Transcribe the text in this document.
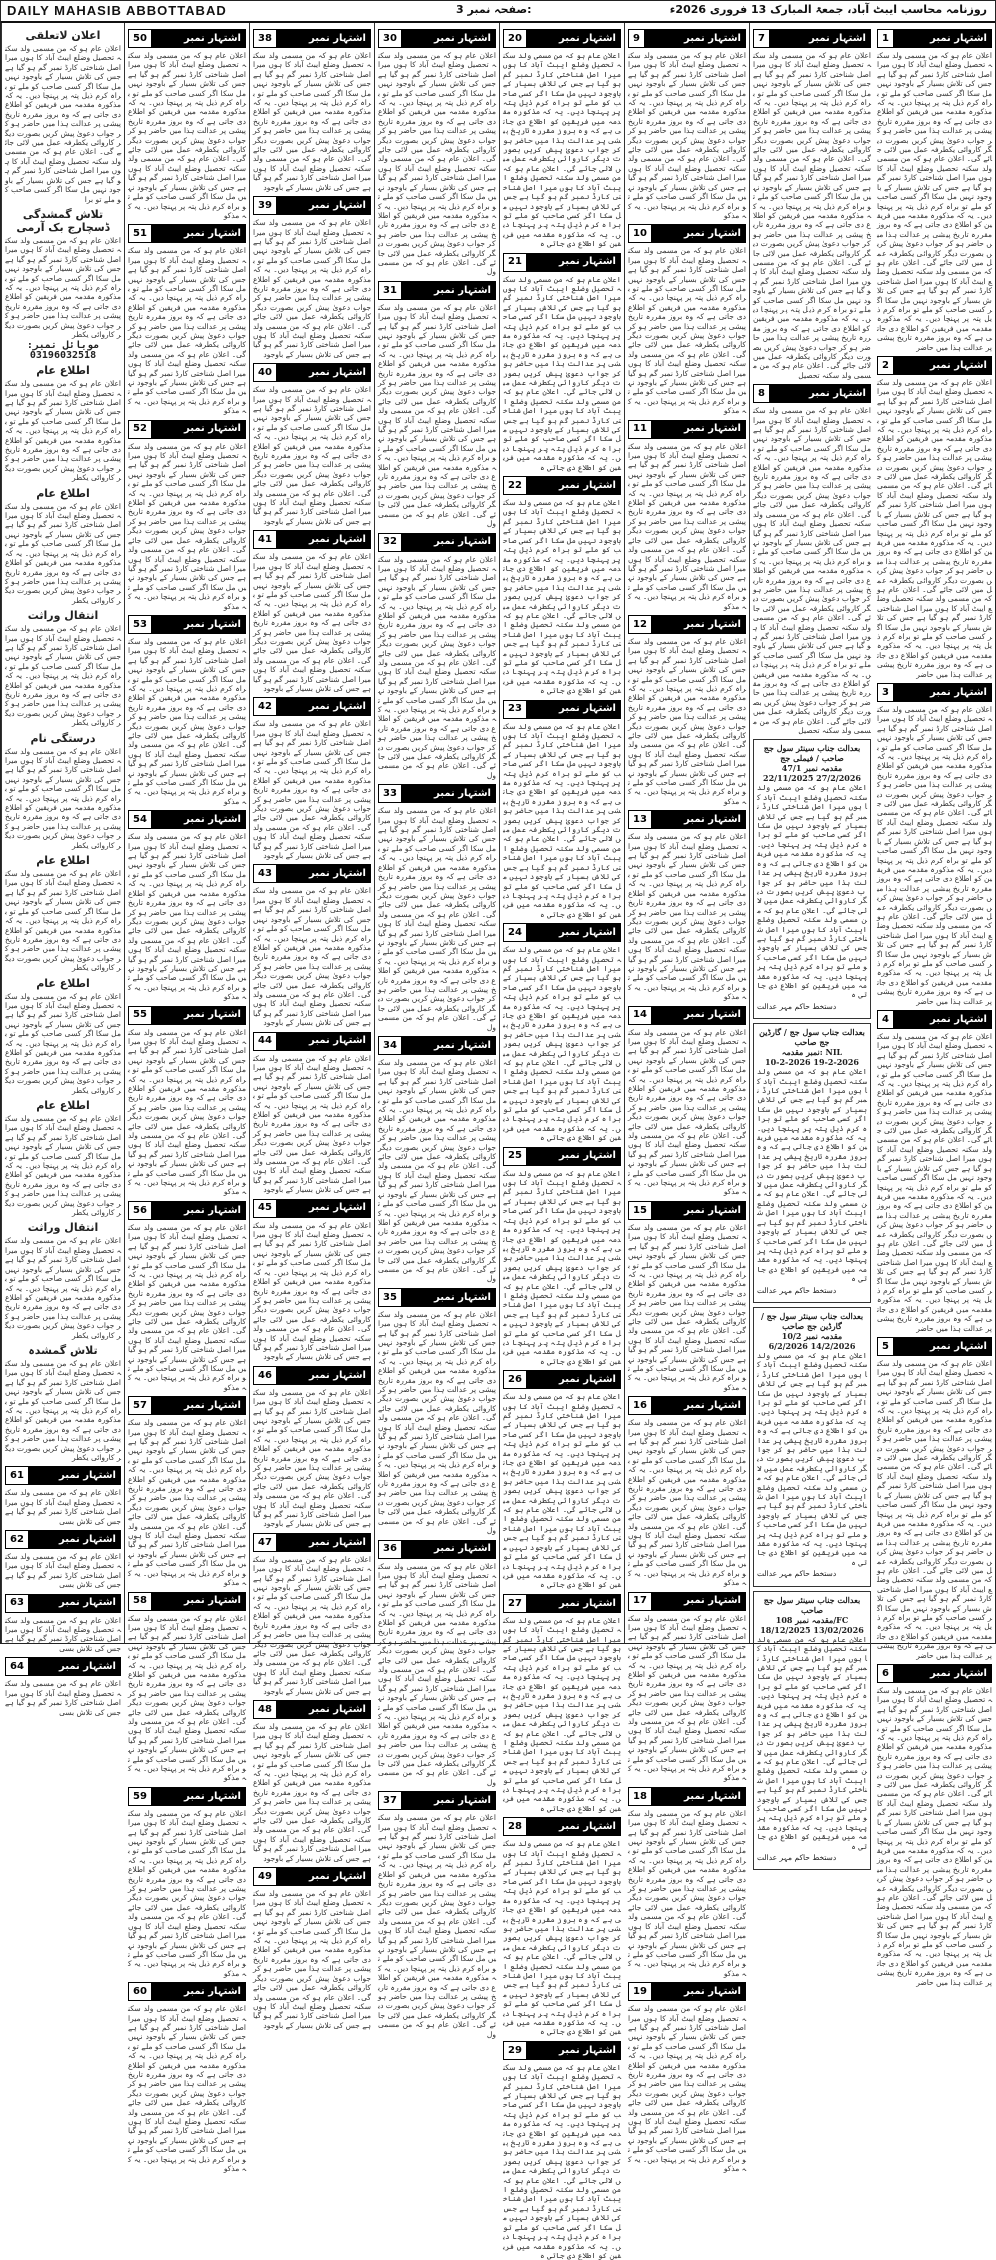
DAILY MAHASIB ABBOTTABAD	صفحہ نمبر 3:	روزنامہ محاسب ایبٹ آباد، جمعۃ المبارک 13 فروری 2026ء
1	اشتہار نمبر
اعلان عام ہو کہ من مسمی ولد سکنہ تحصیل وضلع ایبٹ آباد کا ہوں میرا اصل شناختی کارڈ نمبر گم ہو گیا ہے جس کی تلاش بسیار کے باوجود نہیں مل سکا اگر کسی صاحب کو ملے تو براہ کرم ذیل پتہ پر پہنچا دیں۔ یہ کہ مذکورہ مقدمہ میں فریقین کو اطلاع دی جاتی ہے کہ وہ بروز مقررہ تاریخ پیشی پر عدالت ہذا میں حاضر ہو کر جواب دعویٰ پیش کریں بصورت دیگر کاروائی یکطرفہ عمل میں لائی جائے گی۔ اعلان عام ہو کہ من مسمی ولد سکنہ تحصیل وضلع ایبٹ آباد کا ہوں میرا اصل شناختی کارڈ نمبر گم ہو گیا ہے جس کی تلاش بسیار کے باوجود نہیں مل سکا اگر کسی صاحب کو ملے تو براہ کرم ذیل پتہ پر پہنچا دیں۔ یہ کہ مذکورہ مقدمہ میں فریقین کو اطلاع دی جاتی ہے کہ وہ بروز مقررہ تاریخ پیشی پر عدالت ہذا میں حاضر ہو کر جواب دعویٰ پیش کریں بصورت دیگر کاروائی یکطرفہ عمل میں لائی جائے گی۔ اعلان عام ہو کہ من مسمی ولد سکنہ تحصیل وضلع ایبٹ آباد کا ہوں میرا اصل شناختی کارڈ نمبر گم ہو گیا ہے جس کی تلاش بسیار کے باوجود نہیں مل سکا اگر کسی صاحب کو ملے تو براہ کرم ذیل پتہ پر پہنچا دیں۔ یہ کہ مذکورہ مقدمہ میں فریقین کو اطلاع دی جاتی ہے کہ وہ بروز مقررہ تاریخ پیشی پر عدالت ہذا میں حاضر
2	اشتہار نمبر
اعلان عام ہو کہ من مسمی ولد سکنہ تحصیل وضلع ایبٹ آباد کا ہوں میرا اصل شناختی کارڈ نمبر گم ہو گیا ہے جس کی تلاش بسیار کے باوجود نہیں مل سکا اگر کسی صاحب کو ملے تو براہ کرم ذیل پتہ پر پہنچا دیں۔ یہ کہ مذکورہ مقدمہ میں فریقین کو اطلاع دی جاتی ہے کہ وہ بروز مقررہ تاریخ پیشی پر عدالت ہذا میں حاضر ہو کر جواب دعویٰ پیش کریں بصورت دیگر کاروائی یکطرفہ عمل میں لائی جائے گی۔ اعلان عام ہو کہ من مسمی ولد سکنہ تحصیل وضلع ایبٹ آباد کا ہوں میرا اصل شناختی کارڈ نمبر گم ہو گیا ہے جس کی تلاش بسیار کے باوجود نہیں مل سکا اگر کسی صاحب کو ملے تو براہ کرم ذیل پتہ پر پہنچا دیں۔ یہ کہ مذکورہ مقدمہ میں فریقین کو اطلاع دی جاتی ہے کہ وہ بروز مقررہ تاریخ پیشی پر عدالت ہذا میں حاضر ہو کر جواب دعویٰ پیش کریں بصورت دیگر کاروائی یکطرفہ عمل میں لائی جائے گی۔ اعلان عام ہو کہ من مسمی ولد سکنہ تحصیل وضلع ایبٹ آباد کا ہوں میرا اصل شناختی کارڈ نمبر گم ہو گیا ہے جس کی تلاش بسیار کے باوجود نہیں مل سکا اگر کسی صاحب کو ملے تو براہ کرم ذیل پتہ پر پہنچا دیں۔ یہ کہ مذکورہ مقدمہ میں فریقین کو اطلاع دی جاتی ہے کہ وہ بروز مقررہ تاریخ پیشی پر عدالت ہذا میں حاضر
3	اشتہار نمبر
اعلان عام ہو کہ من مسمی ولد سکنہ تحصیل وضلع ایبٹ آباد کا ہوں میرا اصل شناختی کارڈ نمبر گم ہو گیا ہے جس کی تلاش بسیار کے باوجود نہیں مل سکا اگر کسی صاحب کو ملے تو براہ کرم ذیل پتہ پر پہنچا دیں۔ یہ کہ مذکورہ مقدمہ میں فریقین کو اطلاع دی جاتی ہے کہ وہ بروز مقررہ تاریخ پیشی پر عدالت ہذا میں حاضر ہو کر جواب دعویٰ پیش کریں بصورت دیگر کاروائی یکطرفہ عمل میں لائی جائے گی۔ اعلان عام ہو کہ من مسمی ولد سکنہ تحصیل وضلع ایبٹ آباد کا ہوں میرا اصل شناختی کارڈ نمبر گم ہو گیا ہے جس کی تلاش بسیار کے باوجود نہیں مل سکا اگر کسی صاحب کو ملے تو براہ کرم ذیل پتہ پر پہنچا دیں۔ یہ کہ مذکورہ مقدمہ میں فریقین کو اطلاع دی جاتی ہے کہ وہ بروز مقررہ تاریخ پیشی پر عدالت ہذا میں حاضر ہو کر جواب دعویٰ پیش کریں بصورت دیگر کاروائی یکطرفہ عمل میں لائی جائے گی۔ اعلان عام ہو کہ من مسمی ولد سکنہ تحصیل وضلع ایبٹ آباد کا ہوں میرا اصل شناختی کارڈ نمبر گم ہو گیا ہے جس کی تلاش بسیار کے باوجود نہیں مل سکا اگر کسی صاحب کو ملے تو براہ کرم ذیل پتہ پر پہنچا دیں۔ یہ کہ مذکورہ مقدمہ میں فریقین کو اطلاع دی جاتی ہے کہ وہ بروز مقررہ تاریخ پیشی پر عدالت ہذا میں حاضر
4	اشتہار نمبر
اعلان عام ہو کہ من مسمی ولد سکنہ تحصیل وضلع ایبٹ آباد کا ہوں میرا اصل شناختی کارڈ نمبر گم ہو گیا ہے جس کی تلاش بسیار کے باوجود نہیں مل سکا اگر کسی صاحب کو ملے تو براہ کرم ذیل پتہ پر پہنچا دیں۔ یہ کہ مذکورہ مقدمہ میں فریقین کو اطلاع دی جاتی ہے کہ وہ بروز مقررہ تاریخ پیشی پر عدالت ہذا میں حاضر ہو کر جواب دعویٰ پیش کریں بصورت دیگر کاروائی یکطرفہ عمل میں لائی جائے گی۔ اعلان عام ہو کہ من مسمی ولد سکنہ تحصیل وضلع ایبٹ آباد کا ہوں میرا اصل شناختی کارڈ نمبر گم ہو گیا ہے جس کی تلاش بسیار کے باوجود نہیں مل سکا اگر کسی صاحب کو ملے تو براہ کرم ذیل پتہ پر پہنچا دیں۔ یہ کہ مذکورہ مقدمہ میں فریقین کو اطلاع دی جاتی ہے کہ وہ بروز مقررہ تاریخ پیشی پر عدالت ہذا میں حاضر ہو کر جواب دعویٰ پیش کریں بصورت دیگر کاروائی یکطرفہ عمل میں لائی جائے گی۔ اعلان عام ہو کہ من مسمی ولد سکنہ تحصیل وضلع ایبٹ آباد کا ہوں میرا اصل شناختی کارڈ نمبر گم ہو گیا ہے جس کی تلاش بسیار کے باوجود نہیں مل سکا اگر کسی صاحب کو ملے تو براہ کرم ذیل پتہ پر پہنچا دیں۔ یہ کہ مذکورہ مقدمہ میں فریقین کو اطلاع دی جاتی ہے کہ وہ بروز مقررہ تاریخ پیشی پر عدالت ہذا میں حاضر
5	اشتہار نمبر
اعلان عام ہو کہ من مسمی ولد سکنہ تحصیل وضلع ایبٹ آباد کا ہوں میرا اصل شناختی کارڈ نمبر گم ہو گیا ہے جس کی تلاش بسیار کے باوجود نہیں مل سکا اگر کسی صاحب کو ملے تو براہ کرم ذیل پتہ پر پہنچا دیں۔ یہ کہ مذکورہ مقدمہ میں فریقین کو اطلاع دی جاتی ہے کہ وہ بروز مقررہ تاریخ پیشی پر عدالت ہذا میں حاضر ہو کر جواب دعویٰ پیش کریں بصورت دیگر کاروائی یکطرفہ عمل میں لائی جائے گی۔ اعلان عام ہو کہ من مسمی ولد سکنہ تحصیل وضلع ایبٹ آباد کا ہوں میرا اصل شناختی کارڈ نمبر گم ہو گیا ہے جس کی تلاش بسیار کے باوجود نہیں مل سکا اگر کسی صاحب کو ملے تو براہ کرم ذیل پتہ پر پہنچا دیں۔ یہ کہ مذکورہ مقدمہ میں فریقین کو اطلاع دی جاتی ہے کہ وہ بروز مقررہ تاریخ پیشی پر عدالت ہذا میں حاضر ہو کر جواب دعویٰ پیش کریں بصورت دیگر کاروائی یکطرفہ عمل میں لائی جائے گی۔ اعلان عام ہو کہ من مسمی ولد سکنہ تحصیل وضلع ایبٹ آباد کا ہوں میرا اصل شناختی کارڈ نمبر گم ہو گیا ہے جس کی تلاش بسیار کے باوجود نہیں مل سکا اگر کسی صاحب کو ملے تو براہ کرم ذیل پتہ پر پہنچا دیں۔ یہ کہ مذکورہ مقدمہ میں فریقین کو اطلاع دی جاتی ہے کہ وہ بروز مقررہ تاریخ پیشی پر عدالت ہذا میں حاضر
6	اشتہار نمبر
اعلان عام ہو کہ من مسمی ولد سکنہ تحصیل وضلع ایبٹ آباد کا ہوں میرا اصل شناختی کارڈ نمبر گم ہو گیا ہے جس کی تلاش بسیار کے باوجود نہیں مل سکا اگر کسی صاحب کو ملے تو براہ کرم ذیل پتہ پر پہنچا دیں۔ یہ کہ مذکورہ مقدمہ میں فریقین کو اطلاع دی جاتی ہے کہ وہ بروز مقررہ تاریخ پیشی پر عدالت ہذا میں حاضر ہو کر جواب دعویٰ پیش کریں بصورت دیگر کاروائی یکطرفہ عمل میں لائی جائے گی۔ اعلان عام ہو کہ من مسمی ولد سکنہ تحصیل وضلع ایبٹ آباد کا ہوں میرا اصل شناختی کارڈ نمبر گم ہو گیا ہے جس کی تلاش بسیار کے باوجود نہیں مل سکا اگر کسی صاحب کو ملے تو براہ کرم ذیل پتہ پر پہنچا دیں۔ یہ کہ مذکورہ مقدمہ میں فریقین کو اطلاع دی جاتی ہے کہ وہ بروز مقررہ تاریخ پیشی پر عدالت ہذا میں حاضر ہو کر جواب دعویٰ پیش کریں بصورت دیگر کاروائی یکطرفہ عمل میں لائی جائے گی۔ اعلان عام ہو کہ من مسمی ولد سکنہ تحصیل وضلع ایبٹ آباد کا ہوں میرا اصل شناختی کارڈ نمبر گم ہو گیا ہے جس کی تلاش بسیار کے باوجود نہیں مل سکا اگر کسی صاحب کو ملے تو براہ کرم ذیل پتہ پر پہنچا دیں۔ یہ کہ مذکورہ مقدمہ میں فریقین کو اطلاع دی جاتی ہے کہ وہ بروز مقررہ تاریخ پیشی پر عدالت ہذا میں حاضر
7	اشتہار نمبر
اعلان عام ہو کہ من مسمی ولد سکنہ تحصیل وضلع ایبٹ آباد کا ہوں میرا اصل شناختی کارڈ نمبر گم ہو گیا ہے جس کی تلاش بسیار کے باوجود نہیں مل سکا اگر کسی صاحب کو ملے تو براہ کرم ذیل پتہ پر پہنچا دیں۔ یہ کہ مذکورہ مقدمہ میں فریقین کو اطلاع دی جاتی ہے کہ وہ بروز مقررہ تاریخ پیشی پر عدالت ہذا میں حاضر ہو کر جواب دعویٰ پیش کریں بصورت دیگر کاروائی یکطرفہ عمل میں لائی جائے گی۔ اعلان عام ہو کہ من مسمی ولد سکنہ تحصیل وضلع ایبٹ آباد کا ہوں میرا اصل شناختی کارڈ نمبر گم ہو گیا ہے جس کی تلاش بسیار کے باوجود نہیں مل سکا اگر کسی صاحب کو ملے تو براہ کرم ذیل پتہ پر پہنچا دیں۔ یہ کہ مذکورہ مقدمہ میں فریقین کو اطلاع دی جاتی ہے کہ وہ بروز مقررہ تاریخ پیشی پر عدالت ہذا میں حاضر ہو کر جواب دعویٰ پیش کریں بصورت دیگر کاروائی یکطرفہ عمل میں لائی جائے گی۔ اعلان عام ہو کہ من مسمی ولد سکنہ تحصیل وضلع ایبٹ آباد کا ہوں میرا اصل شناختی کارڈ نمبر گم ہو گیا ہے جس کی تلاش بسیار کے باوجود نہیں مل سکا اگر کسی صاحب کو ملے تو براہ کرم ذیل پتہ پر پہنچا دیں۔ یہ کہ مذکورہ مقدمہ میں فریقین کو اطلاع دی جاتی ہے کہ وہ بروز مقررہ تاریخ پیشی پر عدالت ہذا میں حاضر ہو کر جواب دعویٰ پیش کریں بصورت دیگر کاروائی یکطرفہ عمل میں لائی جائے گی۔ اعلان عام ہو کہ من مسمی ولد سکنہ تحصیل
8	اشتہار نمبر
اعلان عام ہو کہ من مسمی ولد سکنہ تحصیل وضلع ایبٹ آباد کا ہوں میرا اصل شناختی کارڈ نمبر گم ہو گیا ہے جس کی تلاش بسیار کے باوجود نہیں مل سکا اگر کسی صاحب کو ملے تو براہ کرم ذیل پتہ پر پہنچا دیں۔ یہ کہ مذکورہ مقدمہ میں فریقین کو اطلاع دی جاتی ہے کہ وہ بروز مقررہ تاریخ پیشی پر عدالت ہذا میں حاضر ہو کر جواب دعویٰ پیش کریں بصورت دیگر کاروائی یکطرفہ عمل میں لائی جائے گی۔ اعلان عام ہو کہ من مسمی ولد سکنہ تحصیل وضلع ایبٹ آباد کا ہوں میرا اصل شناختی کارڈ نمبر گم ہو گیا ہے جس کی تلاش بسیار کے باوجود نہیں مل سکا اگر کسی صاحب کو ملے تو براہ کرم ذیل پتہ پر پہنچا دیں۔ یہ کہ مذکورہ مقدمہ میں فریقین کو اطلاع دی جاتی ہے کہ وہ بروز مقررہ تاریخ پیشی پر عدالت ہذا میں حاضر ہو کر جواب دعویٰ پیش کریں بصورت دیگر کاروائی یکطرفہ عمل میں لائی جائے گی۔ اعلان عام ہو کہ من مسمی ولد سکنہ تحصیل وضلع ایبٹ آباد کا ہوں میرا اصل شناختی کارڈ نمبر گم ہو گیا ہے جس کی تلاش بسیار کے باوجود نہیں مل سکا اگر کسی صاحب کو ملے تو براہ کرم ذیل پتہ پر پہنچا دیں۔ یہ کہ مذکورہ مقدمہ میں فریقین کو اطلاع دی جاتی ہے کہ وہ بروز مقررہ تاریخ پیشی پر عدالت ہذا میں حاضر ہو کر جواب دعویٰ پیش کریں بصورت دیگر کاروائی یکطرفہ عمل میں لائی جائے گی۔ اعلان عام ہو کہ من مسمی ولد سکنہ تحصیل
بعدالت جناب سینئر سول جج صاحب / فیملی جج
مقدمہ نمبر 47/1
22/11/2025 27/2/2026
اعلان عام ہو کہ من مسمی ولد سکنہ تحصیل وضلع ایبٹ آباد کا ہوں میرا اصل شناختی کارڈ نمبر گم ہو گیا ہے جس کی تلاش بسیار کے باوجود نہیں مل سکا اگر کسی صاحب کو ملے تو براہ کرم ذیل پتہ پر پہنچا دیں۔ یہ کہ مذکورہ مقدمہ میں فریقین کو اطلاع دی جاتی ہے کہ وہ بروز مقررہ تاریخ پیشی پر عدالت ہذا میں حاضر ہو کر جواب دعویٰ پیش کریں بصورت دیگر کاروائی یکطرفہ عمل میں لائی جائے گی۔ اعلان عام ہو کہ من مسمی ولد سکنہ تحصیل وضلع ایبٹ آباد کا ہوں میرا اصل شناختی کارڈ نمبر گم ہو گیا ہے جس کی تلاش بسیار کے باوجود نہیں مل سکا اگر کسی صاحب کو ملے تو براہ کرم ذیل پتہ پر پہنچا دیں۔ یہ کہ مذکورہ مقدمہ میں فریقین کو اطلاع دی جاتی ہ
دستخط حاکم مہر عدالت
بعدالت جناب سول جج / گارڈین جج صاحب
نمبر مقدمہ: NIL
10-2-2026 19-2-2026
اعلان عام ہو کہ من مسمی ولد سکنہ تحصیل وضلع ایبٹ آباد کا ہوں میرا اصل شناختی کارڈ نمبر گم ہو گیا ہے جس کی تلاش بسیار کے باوجود نہیں مل سکا اگر کسی صاحب کو ملے تو براہ کرم ذیل پتہ پر پہنچا دیں۔ یہ کہ مذکورہ مقدمہ میں فریقین کو اطلاع دی جاتی ہے کہ وہ بروز مقررہ تاریخ پیشی پر عدالت ہذا میں حاضر ہو کر جواب دعویٰ پیش کریں بصورت دیگر کاروائی یکطرفہ عمل میں لائی جائے گی۔ اعلان عام ہو کہ من مسمی ولد سکنہ تحصیل وضلع ایبٹ آباد کا ہوں میرا اصل شناختی کارڈ نمبر گم ہو گیا ہے جس کی تلاش بسیار کے باوجود نہیں مل سکا اگر کسی صاحب کو ملے تو براہ کرم ذیل پتہ پر پہنچا دیں۔ یہ کہ مذکورہ مقدمہ میں فریقین کو اطلاع دی جاتی ہ
دستخط حاکم مہر عدالت
بعدالت جناب سینئر سول جج / گارڈین جج صاحب
مقدمہ نمبر 10/2
6/2/2026 14/2/2026
اعلان عام ہو کہ من مسمی ولد سکنہ تحصیل وضلع ایبٹ آباد کا ہوں میرا اصل شناختی کارڈ نمبر گم ہو گیا ہے جس کی تلاش بسیار کے باوجود نہیں مل سکا اگر کسی صاحب کو ملے تو براہ کرم ذیل پتہ پر پہنچا دیں۔ یہ کہ مذکورہ مقدمہ میں فریقین کو اطلاع دی جاتی ہے کہ وہ بروز مقررہ تاریخ پیشی پر عدالت ہذا میں حاضر ہو کر جواب دعویٰ پیش کریں بصورت دیگر کاروائی یکطرفہ عمل میں لائی جائے گی۔ اعلان عام ہو کہ من مسمی ولد سکنہ تحصیل وضلع ایبٹ آباد کا ہوں میرا اصل شناختی کارڈ نمبر گم ہو گیا ہے جس کی تلاش بسیار کے باوجود نہیں مل سکا اگر کسی صاحب کو ملے تو براہ کرم ذیل پتہ پر پہنچا دیں۔ یہ کہ مذکورہ مقدمہ میں فریقین کو اطلاع دی جاتی ہ
دستخط حاکم مہر عدالت
بعدالت جناب سینئر سول جج صاحب
مقدمہ نمبر 108/FC
18/12/2025 13/02/2026
اعلان عام ہو کہ من مسمی ولد سکنہ تحصیل وضلع ایبٹ آباد کا ہوں میرا اصل شناختی کارڈ نمبر گم ہو گیا ہے جس کی تلاش بسیار کے باوجود نہیں مل سکا اگر کسی صاحب کو ملے تو براہ کرم ذیل پتہ پر پہنچا دیں۔ یہ کہ مذکورہ مقدمہ میں فریقین کو اطلاع دی جاتی ہے کہ وہ بروز مقررہ تاریخ پیشی پر عدالت ہذا میں حاضر ہو کر جواب دعویٰ پیش کریں بصورت دیگر کاروائی یکطرفہ عمل میں لائی جائے گی۔ اعلان عام ہو کہ من مسمی ولد سکنہ تحصیل وضلع ایبٹ آباد کا ہوں میرا اصل شناختی کارڈ نمبر گم ہو گیا ہے جس کی تلاش بسیار کے باوجود نہیں مل سکا اگر کسی صاحب کو ملے تو براہ کرم ذیل پتہ پر پہنچا دیں۔ یہ کہ مذکورہ مقدمہ میں فریقین کو اطلاع دی جاتی ہ
دستخط حاکم مہر عدالت
9	اشتہار نمبر
اعلان عام ہو کہ من مسمی ولد سکنہ تحصیل وضلع ایبٹ آباد کا ہوں میرا اصل شناختی کارڈ نمبر گم ہو گیا ہے جس کی تلاش بسیار کے باوجود نہیں مل سکا اگر کسی صاحب کو ملے تو براہ کرم ذیل پتہ پر پہنچا دیں۔ یہ کہ مذکورہ مقدمہ میں فریقین کو اطلاع دی جاتی ہے کہ وہ بروز مقررہ تاریخ پیشی پر عدالت ہذا میں حاضر ہو کر جواب دعویٰ پیش کریں بصورت دیگر کاروائی یکطرفہ عمل میں لائی جائے گی۔ اعلان عام ہو کہ من مسمی ولد سکنہ تحصیل وضلع ایبٹ آباد کا ہوں میرا اصل شناختی کارڈ نمبر گم ہو گیا ہے جس کی تلاش بسیار کے باوجود نہیں مل سکا اگر کسی صاحب کو ملے تو براہ کرم ذیل پتہ پر پہنچا دیں۔ یہ کہ مذکو
10	اشتہار نمبر
اعلان عام ہو کہ من مسمی ولد سکنہ تحصیل وضلع ایبٹ آباد کا ہوں میرا اصل شناختی کارڈ نمبر گم ہو گیا ہے جس کی تلاش بسیار کے باوجود نہیں مل سکا اگر کسی صاحب کو ملے تو براہ کرم ذیل پتہ پر پہنچا دیں۔ یہ کہ مذکورہ مقدمہ میں فریقین کو اطلاع دی جاتی ہے کہ وہ بروز مقررہ تاریخ پیشی پر عدالت ہذا میں حاضر ہو کر جواب دعویٰ پیش کریں بصورت دیگر کاروائی یکطرفہ عمل میں لائی جائے گی۔ اعلان عام ہو کہ من مسمی ولد سکنہ تحصیل وضلع ایبٹ آباد کا ہوں میرا اصل شناختی کارڈ نمبر گم ہو گیا ہے جس کی تلاش بسیار کے باوجود نہیں مل سکا اگر کسی صاحب کو ملے تو براہ کرم ذیل پتہ پر پہنچا دیں۔ یہ کہ مذکو
11	اشتہار نمبر
اعلان عام ہو کہ من مسمی ولد سکنہ تحصیل وضلع ایبٹ آباد کا ہوں میرا اصل شناختی کارڈ نمبر گم ہو گیا ہے جس کی تلاش بسیار کے باوجود نہیں مل سکا اگر کسی صاحب کو ملے تو براہ کرم ذیل پتہ پر پہنچا دیں۔ یہ کہ مذکورہ مقدمہ میں فریقین کو اطلاع دی جاتی ہے کہ وہ بروز مقررہ تاریخ پیشی پر عدالت ہذا میں حاضر ہو کر جواب دعویٰ پیش کریں بصورت دیگر کاروائی یکطرفہ عمل میں لائی جائے گی۔ اعلان عام ہو کہ من مسمی ولد سکنہ تحصیل وضلع ایبٹ آباد کا ہوں میرا اصل شناختی کارڈ نمبر گم ہو گیا ہے جس کی تلاش بسیار کے باوجود نہیں مل سکا اگر کسی صاحب کو ملے تو براہ کرم ذیل پتہ پر پہنچا دیں۔ یہ کہ مذکو
12	اشتہار نمبر
اعلان عام ہو کہ من مسمی ولد سکنہ تحصیل وضلع ایبٹ آباد کا ہوں میرا اصل شناختی کارڈ نمبر گم ہو گیا ہے جس کی تلاش بسیار کے باوجود نہیں مل سکا اگر کسی صاحب کو ملے تو براہ کرم ذیل پتہ پر پہنچا دیں۔ یہ کہ مذکورہ مقدمہ میں فریقین کو اطلاع دی جاتی ہے کہ وہ بروز مقررہ تاریخ پیشی پر عدالت ہذا میں حاضر ہو کر جواب دعویٰ پیش کریں بصورت دیگر کاروائی یکطرفہ عمل میں لائی جائے گی۔ اعلان عام ہو کہ من مسمی ولد سکنہ تحصیل وضلع ایبٹ آباد کا ہوں میرا اصل شناختی کارڈ نمبر گم ہو گیا ہے جس کی تلاش بسیار کے باوجود نہیں مل سکا اگر کسی صاحب کو ملے تو براہ کرم ذیل پتہ پر پہنچا دیں۔ یہ کہ مذکو
13	اشتہار نمبر
اعلان عام ہو کہ من مسمی ولد سکنہ تحصیل وضلع ایبٹ آباد کا ہوں میرا اصل شناختی کارڈ نمبر گم ہو گیا ہے جس کی تلاش بسیار کے باوجود نہیں مل سکا اگر کسی صاحب کو ملے تو براہ کرم ذیل پتہ پر پہنچا دیں۔ یہ کہ مذکورہ مقدمہ میں فریقین کو اطلاع دی جاتی ہے کہ وہ بروز مقررہ تاریخ پیشی پر عدالت ہذا میں حاضر ہو کر جواب دعویٰ پیش کریں بصورت دیگر کاروائی یکطرفہ عمل میں لائی جائے گی۔ اعلان عام ہو کہ من مسمی ولد سکنہ تحصیل وضلع ایبٹ آباد کا ہوں میرا اصل شناختی کارڈ نمبر گم ہو گیا ہے جس کی تلاش بسیار کے باوجود نہیں مل سکا اگر کسی صاحب کو ملے تو براہ کرم ذیل پتہ پر پہنچا دیں۔ یہ کہ مذکو
14	اشتہار نمبر
اعلان عام ہو کہ من مسمی ولد سکنہ تحصیل وضلع ایبٹ آباد کا ہوں میرا اصل شناختی کارڈ نمبر گم ہو گیا ہے جس کی تلاش بسیار کے باوجود نہیں مل سکا اگر کسی صاحب کو ملے تو براہ کرم ذیل پتہ پر پہنچا دیں۔ یہ کہ مذکورہ مقدمہ میں فریقین کو اطلاع دی جاتی ہے کہ وہ بروز مقررہ تاریخ پیشی پر عدالت ہذا میں حاضر ہو کر جواب دعویٰ پیش کریں بصورت دیگر کاروائی یکطرفہ عمل میں لائی جائے گی۔ اعلان عام ہو کہ من مسمی ولد سکنہ تحصیل وضلع ایبٹ آباد کا ہوں میرا اصل شناختی کارڈ نمبر گم ہو گیا ہے جس کی تلاش بسیار کے باوجود نہیں مل سکا اگر کسی صاحب کو ملے تو براہ کرم ذیل پتہ پر پہنچا دیں۔ یہ کہ مذکو
15	اشتہار نمبر
اعلان عام ہو کہ من مسمی ولد سکنہ تحصیل وضلع ایبٹ آباد کا ہوں میرا اصل شناختی کارڈ نمبر گم ہو گیا ہے جس کی تلاش بسیار کے باوجود نہیں مل سکا اگر کسی صاحب کو ملے تو براہ کرم ذیل پتہ پر پہنچا دیں۔ یہ کہ مذکورہ مقدمہ میں فریقین کو اطلاع دی جاتی ہے کہ وہ بروز مقررہ تاریخ پیشی پر عدالت ہذا میں حاضر ہو کر جواب دعویٰ پیش کریں بصورت دیگر کاروائی یکطرفہ عمل میں لائی جائے گی۔ اعلان عام ہو کہ من مسمی ولد سکنہ تحصیل وضلع ایبٹ آباد کا ہوں میرا اصل شناختی کارڈ نمبر گم ہو گیا ہے جس کی تلاش بسیار کے باوجود نہیں مل سکا اگر کسی صاحب کو ملے تو براہ کرم ذیل پتہ پر پہنچا دیں۔ یہ کہ مذکو
16	اشتہار نمبر
اعلان عام ہو کہ من مسمی ولد سکنہ تحصیل وضلع ایبٹ آباد کا ہوں میرا اصل شناختی کارڈ نمبر گم ہو گیا ہے جس کی تلاش بسیار کے باوجود نہیں مل سکا اگر کسی صاحب کو ملے تو براہ کرم ذیل پتہ پر پہنچا دیں۔ یہ کہ مذکورہ مقدمہ میں فریقین کو اطلاع دی جاتی ہے کہ وہ بروز مقررہ تاریخ پیشی پر عدالت ہذا میں حاضر ہو کر جواب دعویٰ پیش کریں بصورت دیگر کاروائی یکطرفہ عمل میں لائی جائے گی۔ اعلان عام ہو کہ من مسمی ولد سکنہ تحصیل وضلع ایبٹ آباد کا ہوں میرا اصل شناختی کارڈ نمبر گم ہو گیا ہے جس کی تلاش بسیار کے باوجود نہیں مل سکا اگر کسی صاحب کو ملے تو براہ کرم ذیل پتہ پر پہنچا دیں۔ یہ کہ مذکو
17	اشتہار نمبر
اعلان عام ہو کہ من مسمی ولد سکنہ تحصیل وضلع ایبٹ آباد کا ہوں میرا اصل شناختی کارڈ نمبر گم ہو گیا ہے جس کی تلاش بسیار کے باوجود نہیں مل سکا اگر کسی صاحب کو ملے تو براہ کرم ذیل پتہ پر پہنچا دیں۔ یہ کہ مذکورہ مقدمہ میں فریقین کو اطلاع دی جاتی ہے کہ وہ بروز مقررہ تاریخ پیشی پر عدالت ہذا میں حاضر ہو کر جواب دعویٰ پیش کریں بصورت دیگر کاروائی یکطرفہ عمل میں لائی جائے گی۔ اعلان عام ہو کہ من مسمی ولد سکنہ تحصیل وضلع ایبٹ آباد کا ہوں میرا اصل شناختی کارڈ نمبر گم ہو گیا ہے جس کی تلاش بسیار کے باوجود نہیں مل سکا اگر کسی صاحب کو ملے تو براہ کرم ذیل پتہ پر پہنچا دیں۔ یہ کہ مذکو
18	اشتہار نمبر
اعلان عام ہو کہ من مسمی ولد سکنہ تحصیل وضلع ایبٹ آباد کا ہوں میرا اصل شناختی کارڈ نمبر گم ہو گیا ہے جس کی تلاش بسیار کے باوجود نہیں مل سکا اگر کسی صاحب کو ملے تو براہ کرم ذیل پتہ پر پہنچا دیں۔ یہ کہ مذکورہ مقدمہ میں فریقین کو اطلاع دی جاتی ہے کہ وہ بروز مقررہ تاریخ پیشی پر عدالت ہذا میں حاضر ہو کر جواب دعویٰ پیش کریں بصورت دیگر کاروائی یکطرفہ عمل میں لائی جائے گی۔ اعلان عام ہو کہ من مسمی ولد سکنہ تحصیل وضلع ایبٹ آباد کا ہوں میرا اصل شناختی کارڈ نمبر گم ہو گیا ہے جس کی تلاش بسیار کے باوجود نہیں مل سکا اگر کسی صاحب کو ملے تو براہ کرم ذیل پتہ پر پہنچا دیں۔ یہ کہ مذکو
19	اشتہار نمبر
اعلان عام ہو کہ من مسمی ولد سکنہ تحصیل وضلع ایبٹ آباد کا ہوں میرا اصل شناختی کارڈ نمبر گم ہو گیا ہے جس کی تلاش بسیار کے باوجود نہیں مل سکا اگر کسی صاحب کو ملے تو براہ کرم ذیل پتہ پر پہنچا دیں۔ یہ کہ مذکورہ مقدمہ میں فریقین کو اطلاع دی جاتی ہے کہ وہ بروز مقررہ تاریخ پیشی پر عدالت ہذا میں حاضر ہو کر جواب دعویٰ پیش کریں بصورت دیگر کاروائی یکطرفہ عمل میں لائی جائے گی۔ اعلان عام ہو کہ من مسمی ولد سکنہ تحصیل وضلع ایبٹ آباد کا ہوں میرا اصل شناختی کارڈ نمبر گم ہو گیا ہے جس کی تلاش بسیار کے باوجود نہیں مل سکا اگر کسی صاحب کو ملے تو براہ کرم ذیل پتہ پر پہنچا دیں۔ یہ کہ مذکو
20	اشتہار نمبر
اعلان عام ہو کہ من مسمی ولد سکنہ تحصیل وضلع ایبٹ آباد کا ہوں میرا اصل شناختی کارڈ نمبر گم ہو گیا ہے جس کی تلاش بسیار کے باوجود نہیں مل سکا اگر کسی صاحب کو ملے تو براہ کرم ذیل پتہ پر پہنچا دیں۔ یہ کہ مذکورہ مقدمہ میں فریقین کو اطلاع دی جاتی ہے کہ وہ بروز مقررہ تاریخ پیشی پر عدالت ہذا میں حاضر ہو کر جواب دعویٰ پیش کریں بصورت دیگر کاروائی یکطرفہ عمل میں لائی جائے گی۔ اعلان عام ہو کہ من مسمی ولد سکنہ تحصیل وضلع ایبٹ آباد کا ہوں میرا اصل شناختی کارڈ نمبر گم ہو گیا ہے جس کی تلاش بسیار کے باوجود نہیں مل سکا اگر کسی صاحب کو ملے تو براہ کرم ذیل پتہ پر پہنچا دیں۔ یہ کہ مذکورہ مقدمہ میں فریقین کو اطلاع دی جاتی ہ
21	اشتہار نمبر
اعلان عام ہو کہ من مسمی ولد سکنہ تحصیل وضلع ایبٹ آباد کا ہوں میرا اصل شناختی کارڈ نمبر گم ہو گیا ہے جس کی تلاش بسیار کے باوجود نہیں مل سکا اگر کسی صاحب کو ملے تو براہ کرم ذیل پتہ پر پہنچا دیں۔ یہ کہ مذکورہ مقدمہ میں فریقین کو اطلاع دی جاتی ہے کہ وہ بروز مقررہ تاریخ پیشی پر عدالت ہذا میں حاضر ہو کر جواب دعویٰ پیش کریں بصورت دیگر کاروائی یکطرفہ عمل میں لائی جائے گی۔ اعلان عام ہو کہ من مسمی ولد سکنہ تحصیل وضلع ایبٹ آباد کا ہوں میرا اصل شناختی کارڈ نمبر گم ہو گیا ہے جس کی تلاش بسیار کے باوجود نہیں مل سکا اگر کسی صاحب کو ملے تو براہ کرم ذیل پتہ پر پہنچا دیں۔ یہ کہ مذکورہ مقدمہ میں فریقین کو اطلاع دی جاتی ہ
22	اشتہار نمبر
اعلان عام ہو کہ من مسمی ولد سکنہ تحصیل وضلع ایبٹ آباد کا ہوں میرا اصل شناختی کارڈ نمبر گم ہو گیا ہے جس کی تلاش بسیار کے باوجود نہیں مل سکا اگر کسی صاحب کو ملے تو براہ کرم ذیل پتہ پر پہنچا دیں۔ یہ کہ مذکورہ مقدمہ میں فریقین کو اطلاع دی جاتی ہے کہ وہ بروز مقررہ تاریخ پیشی پر عدالت ہذا میں حاضر ہو کر جواب دعویٰ پیش کریں بصورت دیگر کاروائی یکطرفہ عمل میں لائی جائے گی۔ اعلان عام ہو کہ من مسمی ولد سکنہ تحصیل وضلع ایبٹ آباد کا ہوں میرا اصل شناختی کارڈ نمبر گم ہو گیا ہے جس کی تلاش بسیار کے باوجود نہیں مل سکا اگر کسی صاحب کو ملے تو براہ کرم ذیل پتہ پر پہنچا دیں۔ یہ کہ مذکورہ مقدمہ میں فریقین کو اطلاع دی جاتی ہ
23	اشتہار نمبر
اعلان عام ہو کہ من مسمی ولد سکنہ تحصیل وضلع ایبٹ آباد کا ہوں میرا اصل شناختی کارڈ نمبر گم ہو گیا ہے جس کی تلاش بسیار کے باوجود نہیں مل سکا اگر کسی صاحب کو ملے تو براہ کرم ذیل پتہ پر پہنچا دیں۔ یہ کہ مذکورہ مقدمہ میں فریقین کو اطلاع دی جاتی ہے کہ وہ بروز مقررہ تاریخ پیشی پر عدالت ہذا میں حاضر ہو کر جواب دعویٰ پیش کریں بصورت دیگر کاروائی یکطرفہ عمل میں لائی جائے گی۔ اعلان عام ہو کہ من مسمی ولد سکنہ تحصیل وضلع ایبٹ آباد کا ہوں میرا اصل شناختی کارڈ نمبر گم ہو گیا ہے جس کی تلاش بسیار کے باوجود نہیں مل سکا اگر کسی صاحب کو ملے تو براہ کرم ذیل پتہ پر پہنچا دیں۔ یہ کہ مذکورہ مقدمہ میں فریقین کو اطلاع دی جاتی ہ
24	اشتہار نمبر
اعلان عام ہو کہ من مسمی ولد سکنہ تحصیل وضلع ایبٹ آباد کا ہوں میرا اصل شناختی کارڈ نمبر گم ہو گیا ہے جس کی تلاش بسیار کے باوجود نہیں مل سکا اگر کسی صاحب کو ملے تو براہ کرم ذیل پتہ پر پہنچا دیں۔ یہ کہ مذکورہ مقدمہ میں فریقین کو اطلاع دی جاتی ہے کہ وہ بروز مقررہ تاریخ پیشی پر عدالت ہذا میں حاضر ہو کر جواب دعویٰ پیش کریں بصورت دیگر کاروائی یکطرفہ عمل میں لائی جائے گی۔ اعلان عام ہو کہ من مسمی ولد سکنہ تحصیل وضلع ایبٹ آباد کا ہوں میرا اصل شناختی کارڈ نمبر گم ہو گیا ہے جس کی تلاش بسیار کے باوجود نہیں مل سکا اگر کسی صاحب کو ملے تو براہ کرم ذیل پتہ پر پہنچا دیں۔ یہ کہ مذکورہ مقدمہ میں فریقین کو اطلاع دی جاتی ہ
25	اشتہار نمبر
اعلان عام ہو کہ من مسمی ولد سکنہ تحصیل وضلع ایبٹ آباد کا ہوں میرا اصل شناختی کارڈ نمبر گم ہو گیا ہے جس کی تلاش بسیار کے باوجود نہیں مل سکا اگر کسی صاحب کو ملے تو براہ کرم ذیل پتہ پر پہنچا دیں۔ یہ کہ مذکورہ مقدمہ میں فریقین کو اطلاع دی جاتی ہے کہ وہ بروز مقررہ تاریخ پیشی پر عدالت ہذا میں حاضر ہو کر جواب دعویٰ پیش کریں بصورت دیگر کاروائی یکطرفہ عمل میں لائی جائے گی۔ اعلان عام ہو کہ من مسمی ولد سکنہ تحصیل وضلع ایبٹ آباد کا ہوں میرا اصل شناختی کارڈ نمبر گم ہو گیا ہے جس کی تلاش بسیار کے باوجود نہیں مل سکا اگر کسی صاحب کو ملے تو براہ کرم ذیل پتہ پر پہنچا دیں۔ یہ کہ مذکورہ مقدمہ میں فریقین کو اطلاع دی جاتی ہ
26	اشتہار نمبر
اعلان عام ہو کہ من مسمی ولد سکنہ تحصیل وضلع ایبٹ آباد کا ہوں میرا اصل شناختی کارڈ نمبر گم ہو گیا ہے جس کی تلاش بسیار کے باوجود نہیں مل سکا اگر کسی صاحب کو ملے تو براہ کرم ذیل پتہ پر پہنچا دیں۔ یہ کہ مذکورہ مقدمہ میں فریقین کو اطلاع دی جاتی ہے کہ وہ بروز مقررہ تاریخ پیشی پر عدالت ہذا میں حاضر ہو کر جواب دعویٰ پیش کریں بصورت دیگر کاروائی یکطرفہ عمل میں لائی جائے گی۔ اعلان عام ہو کہ من مسمی ولد سکنہ تحصیل وضلع ایبٹ آباد کا ہوں میرا اصل شناختی کارڈ نمبر گم ہو گیا ہے جس کی تلاش بسیار کے باوجود نہیں مل سکا اگر کسی صاحب کو ملے تو براہ کرم ذیل پتہ پر پہنچا دیں۔ یہ کہ مذکورہ مقدمہ میں فریقین کو اطلاع دی جاتی ہ
27	اشتہار نمبر
اعلان عام ہو کہ من مسمی ولد سکنہ تحصیل وضلع ایبٹ آباد کا ہوں میرا اصل شناختی کارڈ نمبر گم ہو گیا ہے جس کی تلاش بسیار کے باوجود نہیں مل سکا اگر کسی صاحب کو ملے تو براہ کرم ذیل پتہ پر پہنچا دیں۔ یہ کہ مذکورہ مقدمہ میں فریقین کو اطلاع دی جاتی ہے کہ وہ بروز مقررہ تاریخ پیشی پر عدالت ہذا میں حاضر ہو کر جواب دعویٰ پیش کریں بصورت دیگر کاروائی یکطرفہ عمل میں لائی جائے گی۔ اعلان عام ہو کہ من مسمی ولد سکنہ تحصیل وضلع ایبٹ آباد کا ہوں میرا اصل شناختی کارڈ نمبر گم ہو گیا ہے جس کی تلاش بسیار کے باوجود نہیں مل سکا اگر کسی صاحب کو ملے تو براہ کرم ذیل پتہ پر پہنچا دیں۔ یہ کہ مذکورہ مقدمہ میں فریقین کو اطلاع دی جاتی ہ
28	اشتہار نمبر
اعلان عام ہو کہ من مسمی ولد سکنہ تحصیل وضلع ایبٹ آباد کا ہوں میرا اصل شناختی کارڈ نمبر گم ہو گیا ہے جس کی تلاش بسیار کے باوجود نہیں مل سکا اگر کسی صاحب کو ملے تو براہ کرم ذیل پتہ پر پہنچا دیں۔ یہ کہ مذکورہ مقدمہ میں فریقین کو اطلاع دی جاتی ہے کہ وہ بروز مقررہ تاریخ پیشی پر عدالت ہذا میں حاضر ہو کر جواب دعویٰ پیش کریں بصورت دیگر کاروائی یکطرفہ عمل میں لائی جائے گی۔ اعلان عام ہو کہ من مسمی ولد سکنہ تحصیل وضلع ایبٹ آباد کا ہوں میرا اصل شناختی کارڈ نمبر گم ہو گیا ہے جس کی تلاش بسیار کے باوجود نہیں مل سکا اگر کسی صاحب کو ملے تو براہ کرم ذیل پتہ پر پہنچا دیں۔ یہ کہ مذکورہ مقدمہ میں فریقین کو اطلاع دی جاتی ہ
29	اشتہار نمبر
اعلان عام ہو کہ من مسمی ولد سکنہ تحصیل وضلع ایبٹ آباد کا ہوں میرا اصل شناختی کارڈ نمبر گم ہو گیا ہے جس کی تلاش بسیار کے باوجود نہیں مل سکا اگر کسی صاحب کو ملے تو براہ کرم ذیل پتہ پر پہنچا دیں۔ یہ کہ مذکورہ مقدمہ میں فریقین کو اطلاع دی جاتی ہے کہ وہ بروز مقررہ تاریخ پیشی پر عدالت ہذا میں حاضر ہو کر جواب دعویٰ پیش کریں بصورت دیگر کاروائی یکطرفہ عمل میں لائی جائے گی۔ اعلان عام ہو کہ من مسمی ولد سکنہ تحصیل وضلع ایبٹ آباد کا ہوں میرا اصل شناختی کارڈ نمبر گم ہو گیا ہے جس کی تلاش بسیار کے باوجود نہیں مل سکا اگر کسی صاحب کو ملے تو براہ کرم ذیل پتہ پر پہنچا دیں۔ یہ کہ مذکورہ مقدمہ میں فریقین کو اطلاع دی جاتی ہ
30	اشتہار نمبر
اعلان عام ہو کہ من مسمی ولد سکنہ تحصیل وضلع ایبٹ آباد کا ہوں میرا اصل شناختی کارڈ نمبر گم ہو گیا ہے جس کی تلاش بسیار کے باوجود نہیں مل سکا اگر کسی صاحب کو ملے تو براہ کرم ذیل پتہ پر پہنچا دیں۔ یہ کہ مذکورہ مقدمہ میں فریقین کو اطلاع دی جاتی ہے کہ وہ بروز مقررہ تاریخ پیشی پر عدالت ہذا میں حاضر ہو کر جواب دعویٰ پیش کریں بصورت دیگر کاروائی یکطرفہ عمل میں لائی جائے گی۔ اعلان عام ہو کہ من مسمی ولد سکنہ تحصیل وضلع ایبٹ آباد کا ہوں میرا اصل شناختی کارڈ نمبر گم ہو گیا ہے جس کی تلاش بسیار کے باوجود نہیں مل سکا اگر کسی صاحب کو ملے تو براہ کرم ذیل پتہ پر پہنچا دیں۔ یہ کہ مذکورہ مقدمہ میں فریقین کو اطلاع دی جاتی ہے کہ وہ بروز مقررہ تاریخ پیشی پر عدالت ہذا میں حاضر ہو کر جواب دعویٰ پیش کریں بصورت دیگر کاروائی یکطرفہ عمل میں لائی جائے گی۔ اعلان عام ہو کہ من مسمی ول
31	اشتہار نمبر
اعلان عام ہو کہ من مسمی ولد سکنہ تحصیل وضلع ایبٹ آباد کا ہوں میرا اصل شناختی کارڈ نمبر گم ہو گیا ہے جس کی تلاش بسیار کے باوجود نہیں مل سکا اگر کسی صاحب کو ملے تو براہ کرم ذیل پتہ پر پہنچا دیں۔ یہ کہ مذکورہ مقدمہ میں فریقین کو اطلاع دی جاتی ہے کہ وہ بروز مقررہ تاریخ پیشی پر عدالت ہذا میں حاضر ہو کر جواب دعویٰ پیش کریں بصورت دیگر کاروائی یکطرفہ عمل میں لائی جائے گی۔ اعلان عام ہو کہ من مسمی ولد سکنہ تحصیل وضلع ایبٹ آباد کا ہوں میرا اصل شناختی کارڈ نمبر گم ہو گیا ہے جس کی تلاش بسیار کے باوجود نہیں مل سکا اگر کسی صاحب کو ملے تو براہ کرم ذیل پتہ پر پہنچا دیں۔ یہ کہ مذکورہ مقدمہ میں فریقین کو اطلاع دی جاتی ہے کہ وہ بروز مقررہ تاریخ پیشی پر عدالت ہذا میں حاضر ہو کر جواب دعویٰ پیش کریں بصورت دیگر کاروائی یکطرفہ عمل میں لائی جائے گی۔ اعلان عام ہو کہ من مسمی ول
32	اشتہار نمبر
اعلان عام ہو کہ من مسمی ولد سکنہ تحصیل وضلع ایبٹ آباد کا ہوں میرا اصل شناختی کارڈ نمبر گم ہو گیا ہے جس کی تلاش بسیار کے باوجود نہیں مل سکا اگر کسی صاحب کو ملے تو براہ کرم ذیل پتہ پر پہنچا دیں۔ یہ کہ مذکورہ مقدمہ میں فریقین کو اطلاع دی جاتی ہے کہ وہ بروز مقررہ تاریخ پیشی پر عدالت ہذا میں حاضر ہو کر جواب دعویٰ پیش کریں بصورت دیگر کاروائی یکطرفہ عمل میں لائی جائے گی۔ اعلان عام ہو کہ من مسمی ولد سکنہ تحصیل وضلع ایبٹ آباد کا ہوں میرا اصل شناختی کارڈ نمبر گم ہو گیا ہے جس کی تلاش بسیار کے باوجود نہیں مل سکا اگر کسی صاحب کو ملے تو براہ کرم ذیل پتہ پر پہنچا دیں۔ یہ کہ مذکورہ مقدمہ میں فریقین کو اطلاع دی جاتی ہے کہ وہ بروز مقررہ تاریخ پیشی پر عدالت ہذا میں حاضر ہو کر جواب دعویٰ پیش کریں بصورت دیگر کاروائی یکطرفہ عمل میں لائی جائے گی۔ اعلان عام ہو کہ من مسمی ول
33	اشتہار نمبر
اعلان عام ہو کہ من مسمی ولد سکنہ تحصیل وضلع ایبٹ آباد کا ہوں میرا اصل شناختی کارڈ نمبر گم ہو گیا ہے جس کی تلاش بسیار کے باوجود نہیں مل سکا اگر کسی صاحب کو ملے تو براہ کرم ذیل پتہ پر پہنچا دیں۔ یہ کہ مذکورہ مقدمہ میں فریقین کو اطلاع دی جاتی ہے کہ وہ بروز مقررہ تاریخ پیشی پر عدالت ہذا میں حاضر ہو کر جواب دعویٰ پیش کریں بصورت دیگر کاروائی یکطرفہ عمل میں لائی جائے گی۔ اعلان عام ہو کہ من مسمی ولد سکنہ تحصیل وضلع ایبٹ آباد کا ہوں میرا اصل شناختی کارڈ نمبر گم ہو گیا ہے جس کی تلاش بسیار کے باوجود نہیں مل سکا اگر کسی صاحب کو ملے تو براہ کرم ذیل پتہ پر پہنچا دیں۔ یہ کہ مذکورہ مقدمہ میں فریقین کو اطلاع دی جاتی ہے کہ وہ بروز مقررہ تاریخ پیشی پر عدالت ہذا میں حاضر ہو کر جواب دعویٰ پیش کریں بصورت دیگر کاروائی یکطرفہ عمل میں لائی جائے گی۔ اعلان عام ہو کہ من مسمی ول
34	اشتہار نمبر
اعلان عام ہو کہ من مسمی ولد سکنہ تحصیل وضلع ایبٹ آباد کا ہوں میرا اصل شناختی کارڈ نمبر گم ہو گیا ہے جس کی تلاش بسیار کے باوجود نہیں مل سکا اگر کسی صاحب کو ملے تو براہ کرم ذیل پتہ پر پہنچا دیں۔ یہ کہ مذکورہ مقدمہ میں فریقین کو اطلاع دی جاتی ہے کہ وہ بروز مقررہ تاریخ پیشی پر عدالت ہذا میں حاضر ہو کر جواب دعویٰ پیش کریں بصورت دیگر کاروائی یکطرفہ عمل میں لائی جائے گی۔ اعلان عام ہو کہ من مسمی ولد سکنہ تحصیل وضلع ایبٹ آباد کا ہوں میرا اصل شناختی کارڈ نمبر گم ہو گیا ہے جس کی تلاش بسیار کے باوجود نہیں مل سکا اگر کسی صاحب کو ملے تو براہ کرم ذیل پتہ پر پہنچا دیں۔ یہ کہ مذکورہ مقدمہ میں فریقین کو اطلاع دی جاتی ہے کہ وہ بروز مقررہ تاریخ پیشی پر عدالت ہذا میں حاضر ہو کر جواب دعویٰ پیش کریں بصورت دیگر کاروائی یکطرفہ عمل میں لائی جائے گی۔ اعلان عام ہو کہ من مسمی ول
35	اشتہار نمبر
اعلان عام ہو کہ من مسمی ولد سکنہ تحصیل وضلع ایبٹ آباد کا ہوں میرا اصل شناختی کارڈ نمبر گم ہو گیا ہے جس کی تلاش بسیار کے باوجود نہیں مل سکا اگر کسی صاحب کو ملے تو براہ کرم ذیل پتہ پر پہنچا دیں۔ یہ کہ مذکورہ مقدمہ میں فریقین کو اطلاع دی جاتی ہے کہ وہ بروز مقررہ تاریخ پیشی پر عدالت ہذا میں حاضر ہو کر جواب دعویٰ پیش کریں بصورت دیگر کاروائی یکطرفہ عمل میں لائی جائے گی۔ اعلان عام ہو کہ من مسمی ولد سکنہ تحصیل وضلع ایبٹ آباد کا ہوں میرا اصل شناختی کارڈ نمبر گم ہو گیا ہے جس کی تلاش بسیار کے باوجود نہیں مل سکا اگر کسی صاحب کو ملے تو براہ کرم ذیل پتہ پر پہنچا دیں۔ یہ کہ مذکورہ مقدمہ میں فریقین کو اطلاع دی جاتی ہے کہ وہ بروز مقررہ تاریخ پیشی پر عدالت ہذا میں حاضر ہو کر جواب دعویٰ پیش کریں بصورت دیگر کاروائی یکطرفہ عمل میں لائی جائے گی۔ اعلان عام ہو کہ من مسمی ول
36	اشتہار نمبر
اعلان عام ہو کہ من مسمی ولد سکنہ تحصیل وضلع ایبٹ آباد کا ہوں میرا اصل شناختی کارڈ نمبر گم ہو گیا ہے جس کی تلاش بسیار کے باوجود نہیں مل سکا اگر کسی صاحب کو ملے تو براہ کرم ذیل پتہ پر پہنچا دیں۔ یہ کہ مذکورہ مقدمہ میں فریقین کو اطلاع دی جاتی ہے کہ وہ بروز مقررہ تاریخ پیشی پر عدالت ہذا میں حاضر ہو کر جواب دعویٰ پیش کریں بصورت دیگر کاروائی یکطرفہ عمل میں لائی جائے گی۔ اعلان عام ہو کہ من مسمی ولد سکنہ تحصیل وضلع ایبٹ آباد کا ہوں میرا اصل شناختی کارڈ نمبر گم ہو گیا ہے جس کی تلاش بسیار کے باوجود نہیں مل سکا اگر کسی صاحب کو ملے تو براہ کرم ذیل پتہ پر پہنچا دیں۔ یہ کہ مذکورہ مقدمہ میں فریقین کو اطلاع دی جاتی ہے کہ وہ بروز مقررہ تاریخ پیشی پر عدالت ہذا میں حاضر ہو کر جواب دعویٰ پیش کریں بصورت دیگر کاروائی یکطرفہ عمل میں لائی جائے گی۔ اعلان عام ہو کہ من مسمی ول
37	اشتہار نمبر
اعلان عام ہو کہ من مسمی ولد سکنہ تحصیل وضلع ایبٹ آباد کا ہوں میرا اصل شناختی کارڈ نمبر گم ہو گیا ہے جس کی تلاش بسیار کے باوجود نہیں مل سکا اگر کسی صاحب کو ملے تو براہ کرم ذیل پتہ پر پہنچا دیں۔ یہ کہ مذکورہ مقدمہ میں فریقین کو اطلاع دی جاتی ہے کہ وہ بروز مقررہ تاریخ پیشی پر عدالت ہذا میں حاضر ہو کر جواب دعویٰ پیش کریں بصورت دیگر کاروائی یکطرفہ عمل میں لائی جائے گی۔ اعلان عام ہو کہ من مسمی ولد سکنہ تحصیل وضلع ایبٹ آباد کا ہوں میرا اصل شناختی کارڈ نمبر گم ہو گیا ہے جس کی تلاش بسیار کے باوجود نہیں مل سکا اگر کسی صاحب کو ملے تو براہ کرم ذیل پتہ پر پہنچا دیں۔ یہ کہ مذکورہ مقدمہ میں فریقین کو اطلاع دی جاتی ہے کہ وہ بروز مقررہ تاریخ پیشی پر عدالت ہذا میں حاضر ہو کر جواب دعویٰ پیش کریں بصورت دیگر کاروائی یکطرفہ عمل میں لائی جائے گی۔ اعلان عام ہو کہ من مسمی ول
38	اشتہار نمبر
اعلان عام ہو کہ من مسمی ولد سکنہ تحصیل وضلع ایبٹ آباد کا ہوں میرا اصل شناختی کارڈ نمبر گم ہو گیا ہے جس کی تلاش بسیار کے باوجود نہیں مل سکا اگر کسی صاحب کو ملے تو براہ کرم ذیل پتہ پر پہنچا دیں۔ یہ کہ مذکورہ مقدمہ میں فریقین کو اطلاع دی جاتی ہے کہ وہ بروز مقررہ تاریخ پیشی پر عدالت ہذا میں حاضر ہو کر جواب دعویٰ پیش کریں بصورت دیگر کاروائی یکطرفہ عمل میں لائی جائے گی۔ اعلان عام ہو کہ من مسمی ولد سکنہ تحصیل وضلع ایبٹ آباد کا ہوں میرا اصل شناختی کارڈ نمبر گم ہو گیا ہے جس کی تلاش بسیار کے باوجود
39	اشتہار نمبر
اعلان عام ہو کہ من مسمی ولد سکنہ تحصیل وضلع ایبٹ آباد کا ہوں میرا اصل شناختی کارڈ نمبر گم ہو گیا ہے جس کی تلاش بسیار کے باوجود نہیں مل سکا اگر کسی صاحب کو ملے تو براہ کرم ذیل پتہ پر پہنچا دیں۔ یہ کہ مذکورہ مقدمہ میں فریقین کو اطلاع دی جاتی ہے کہ وہ بروز مقررہ تاریخ پیشی پر عدالت ہذا میں حاضر ہو کر جواب دعویٰ پیش کریں بصورت دیگر کاروائی یکطرفہ عمل میں لائی جائے گی۔ اعلان عام ہو کہ من مسمی ولد سکنہ تحصیل وضلع ایبٹ آباد کا ہوں میرا اصل شناختی کارڈ نمبر گم ہو گیا ہے جس کی تلاش بسیار کے باوجود
40	اشتہار نمبر
اعلان عام ہو کہ من مسمی ولد سکنہ تحصیل وضلع ایبٹ آباد کا ہوں میرا اصل شناختی کارڈ نمبر گم ہو گیا ہے جس کی تلاش بسیار کے باوجود نہیں مل سکا اگر کسی صاحب کو ملے تو براہ کرم ذیل پتہ پر پہنچا دیں۔ یہ کہ مذکورہ مقدمہ میں فریقین کو اطلاع دی جاتی ہے کہ وہ بروز مقررہ تاریخ پیشی پر عدالت ہذا میں حاضر ہو کر جواب دعویٰ پیش کریں بصورت دیگر کاروائی یکطرفہ عمل میں لائی جائے گی۔ اعلان عام ہو کہ من مسمی ولد سکنہ تحصیل وضلع ایبٹ آباد کا ہوں میرا اصل شناختی کارڈ نمبر گم ہو گیا ہے جس کی تلاش بسیار کے باوجود
41	اشتہار نمبر
اعلان عام ہو کہ من مسمی ولد سکنہ تحصیل وضلع ایبٹ آباد کا ہوں میرا اصل شناختی کارڈ نمبر گم ہو گیا ہے جس کی تلاش بسیار کے باوجود نہیں مل سکا اگر کسی صاحب کو ملے تو براہ کرم ذیل پتہ پر پہنچا دیں۔ یہ کہ مذکورہ مقدمہ میں فریقین کو اطلاع دی جاتی ہے کہ وہ بروز مقررہ تاریخ پیشی پر عدالت ہذا میں حاضر ہو کر جواب دعویٰ پیش کریں بصورت دیگر کاروائی یکطرفہ عمل میں لائی جائے گی۔ اعلان عام ہو کہ من مسمی ولد سکنہ تحصیل وضلع ایبٹ آباد کا ہوں میرا اصل شناختی کارڈ نمبر گم ہو گیا ہے جس کی تلاش بسیار کے باوجود
42	اشتہار نمبر
اعلان عام ہو کہ من مسمی ولد سکنہ تحصیل وضلع ایبٹ آباد کا ہوں میرا اصل شناختی کارڈ نمبر گم ہو گیا ہے جس کی تلاش بسیار کے باوجود نہیں مل سکا اگر کسی صاحب کو ملے تو براہ کرم ذیل پتہ پر پہنچا دیں۔ یہ کہ مذکورہ مقدمہ میں فریقین کو اطلاع دی جاتی ہے کہ وہ بروز مقررہ تاریخ پیشی پر عدالت ہذا میں حاضر ہو کر جواب دعویٰ پیش کریں بصورت دیگر کاروائی یکطرفہ عمل میں لائی جائے گی۔ اعلان عام ہو کہ من مسمی ولد سکنہ تحصیل وضلع ایبٹ آباد کا ہوں میرا اصل شناختی کارڈ نمبر گم ہو گیا ہے جس کی تلاش بسیار کے باوجود
43	اشتہار نمبر
اعلان عام ہو کہ من مسمی ولد سکنہ تحصیل وضلع ایبٹ آباد کا ہوں میرا اصل شناختی کارڈ نمبر گم ہو گیا ہے جس کی تلاش بسیار کے باوجود نہیں مل سکا اگر کسی صاحب کو ملے تو براہ کرم ذیل پتہ پر پہنچا دیں۔ یہ کہ مذکورہ مقدمہ میں فریقین کو اطلاع دی جاتی ہے کہ وہ بروز مقررہ تاریخ پیشی پر عدالت ہذا میں حاضر ہو کر جواب دعویٰ پیش کریں بصورت دیگر کاروائی یکطرفہ عمل میں لائی جائے گی۔ اعلان عام ہو کہ من مسمی ولد سکنہ تحصیل وضلع ایبٹ آباد کا ہوں میرا اصل شناختی کارڈ نمبر گم ہو گیا ہے جس کی تلاش بسیار کے باوجود
44	اشتہار نمبر
اعلان عام ہو کہ من مسمی ولد سکنہ تحصیل وضلع ایبٹ آباد کا ہوں میرا اصل شناختی کارڈ نمبر گم ہو گیا ہے جس کی تلاش بسیار کے باوجود نہیں مل سکا اگر کسی صاحب کو ملے تو براہ کرم ذیل پتہ پر پہنچا دیں۔ یہ کہ مذکورہ مقدمہ میں فریقین کو اطلاع دی جاتی ہے کہ وہ بروز مقررہ تاریخ پیشی پر عدالت ہذا میں حاضر ہو کر جواب دعویٰ پیش کریں بصورت دیگر کاروائی یکطرفہ عمل میں لائی جائے گی۔ اعلان عام ہو کہ من مسمی ولد سکنہ تحصیل وضلع ایبٹ آباد کا ہوں میرا اصل شناختی کارڈ نمبر گم ہو گیا ہے جس کی تلاش بسیار کے باوجود
45	اشتہار نمبر
اعلان عام ہو کہ من مسمی ولد سکنہ تحصیل وضلع ایبٹ آباد کا ہوں میرا اصل شناختی کارڈ نمبر گم ہو گیا ہے جس کی تلاش بسیار کے باوجود نہیں مل سکا اگر کسی صاحب کو ملے تو براہ کرم ذیل پتہ پر پہنچا دیں۔ یہ کہ مذکورہ مقدمہ میں فریقین کو اطلاع دی جاتی ہے کہ وہ بروز مقررہ تاریخ پیشی پر عدالت ہذا میں حاضر ہو کر جواب دعویٰ پیش کریں بصورت دیگر کاروائی یکطرفہ عمل میں لائی جائے گی۔ اعلان عام ہو کہ من مسمی ولد سکنہ تحصیل وضلع ایبٹ آباد کا ہوں میرا اصل شناختی کارڈ نمبر گم ہو گیا ہے جس کی تلاش بسیار کے باوجود
46	اشتہار نمبر
اعلان عام ہو کہ من مسمی ولد سکنہ تحصیل وضلع ایبٹ آباد کا ہوں میرا اصل شناختی کارڈ نمبر گم ہو گیا ہے جس کی تلاش بسیار کے باوجود نہیں مل سکا اگر کسی صاحب کو ملے تو براہ کرم ذیل پتہ پر پہنچا دیں۔ یہ کہ مذکورہ مقدمہ میں فریقین کو اطلاع دی جاتی ہے کہ وہ بروز مقررہ تاریخ پیشی پر عدالت ہذا میں حاضر ہو کر جواب دعویٰ پیش کریں بصورت دیگر کاروائی یکطرفہ عمل میں لائی جائے گی۔ اعلان عام ہو کہ من مسمی ولد سکنہ تحصیل وضلع ایبٹ آباد کا ہوں میرا اصل شناختی کارڈ نمبر گم ہو گیا ہے جس کی تلاش بسیار کے باوجود
47	اشتہار نمبر
اعلان عام ہو کہ من مسمی ولد سکنہ تحصیل وضلع ایبٹ آباد کا ہوں میرا اصل شناختی کارڈ نمبر گم ہو گیا ہے جس کی تلاش بسیار کے باوجود نہیں مل سکا اگر کسی صاحب کو ملے تو براہ کرم ذیل پتہ پر پہنچا دیں۔ یہ کہ مذکورہ مقدمہ میں فریقین کو اطلاع دی جاتی ہے کہ وہ بروز مقررہ تاریخ پیشی پر عدالت ہذا میں حاضر ہو کر جواب دعویٰ پیش کریں بصورت دیگر کاروائی یکطرفہ عمل میں لائی جائے گی۔ اعلان عام ہو کہ من مسمی ولد سکنہ تحصیل وضلع ایبٹ آباد کا ہوں میرا اصل شناختی کارڈ نمبر گم ہو گیا ہے جس کی تلاش بسیار کے باوجود
48	اشتہار نمبر
اعلان عام ہو کہ من مسمی ولد سکنہ تحصیل وضلع ایبٹ آباد کا ہوں میرا اصل شناختی کارڈ نمبر گم ہو گیا ہے جس کی تلاش بسیار کے باوجود نہیں مل سکا اگر کسی صاحب کو ملے تو براہ کرم ذیل پتہ پر پہنچا دیں۔ یہ کہ مذکورہ مقدمہ میں فریقین کو اطلاع دی جاتی ہے کہ وہ بروز مقررہ تاریخ پیشی پر عدالت ہذا میں حاضر ہو کر جواب دعویٰ پیش کریں بصورت دیگر کاروائی یکطرفہ عمل میں لائی جائے گی۔ اعلان عام ہو کہ من مسمی ولد سکنہ تحصیل وضلع ایبٹ آباد کا ہوں میرا اصل شناختی کارڈ نمبر گم ہو گیا ہے جس کی تلاش بسیار کے باوجود
49	اشتہار نمبر
اعلان عام ہو کہ من مسمی ولد سکنہ تحصیل وضلع ایبٹ آباد کا ہوں میرا اصل شناختی کارڈ نمبر گم ہو گیا ہے جس کی تلاش بسیار کے باوجود نہیں مل سکا اگر کسی صاحب کو ملے تو براہ کرم ذیل پتہ پر پہنچا دیں۔ یہ کہ مذکورہ مقدمہ میں فریقین کو اطلاع دی جاتی ہے کہ وہ بروز مقررہ تاریخ پیشی پر عدالت ہذا میں حاضر ہو کر جواب دعویٰ پیش کریں بصورت دیگر کاروائی یکطرفہ عمل میں لائی جائے گی۔ اعلان عام ہو کہ من مسمی ولد سکنہ تحصیل وضلع ایبٹ آباد کا ہوں میرا اصل شناختی کارڈ نمبر گم ہو گیا ہے جس کی تلاش بسیار کے باوجود
50	اشتہار نمبر
اعلان عام ہو کہ من مسمی ولد سکنہ تحصیل وضلع ایبٹ آباد کا ہوں میرا اصل شناختی کارڈ نمبر گم ہو گیا ہے جس کی تلاش بسیار کے باوجود نہیں مل سکا اگر کسی صاحب کو ملے تو براہ کرم ذیل پتہ پر پہنچا دیں۔ یہ کہ مذکورہ مقدمہ میں فریقین کو اطلاع دی جاتی ہے کہ وہ بروز مقررہ تاریخ پیشی پر عدالت ہذا میں حاضر ہو کر جواب دعویٰ پیش کریں بصورت دیگر کاروائی یکطرفہ عمل میں لائی جائے گی۔ اعلان عام ہو کہ من مسمی ولد سکنہ تحصیل وضلع ایبٹ آباد کا ہوں میرا اصل شناختی کارڈ نمبر گم ہو گیا ہے جس کی تلاش بسیار کے باوجود نہیں مل سکا اگر کسی صاحب کو ملے تو براہ کرم ذیل پتہ پر پہنچا دیں۔ یہ کہ مذکو
51	اشتہار نمبر
اعلان عام ہو کہ من مسمی ولد سکنہ تحصیل وضلع ایبٹ آباد کا ہوں میرا اصل شناختی کارڈ نمبر گم ہو گیا ہے جس کی تلاش بسیار کے باوجود نہیں مل سکا اگر کسی صاحب کو ملے تو براہ کرم ذیل پتہ پر پہنچا دیں۔ یہ کہ مذکورہ مقدمہ میں فریقین کو اطلاع دی جاتی ہے کہ وہ بروز مقررہ تاریخ پیشی پر عدالت ہذا میں حاضر ہو کر جواب دعویٰ پیش کریں بصورت دیگر کاروائی یکطرفہ عمل میں لائی جائے گی۔ اعلان عام ہو کہ من مسمی ولد سکنہ تحصیل وضلع ایبٹ آباد کا ہوں میرا اصل شناختی کارڈ نمبر گم ہو گیا ہے جس کی تلاش بسیار کے باوجود نہیں مل سکا اگر کسی صاحب کو ملے تو براہ کرم ذیل پتہ پر پہنچا دیں۔ یہ کہ مذکو
52	اشتہار نمبر
اعلان عام ہو کہ من مسمی ولد سکنہ تحصیل وضلع ایبٹ آباد کا ہوں میرا اصل شناختی کارڈ نمبر گم ہو گیا ہے جس کی تلاش بسیار کے باوجود نہیں مل سکا اگر کسی صاحب کو ملے تو براہ کرم ذیل پتہ پر پہنچا دیں۔ یہ کہ مذکورہ مقدمہ میں فریقین کو اطلاع دی جاتی ہے کہ وہ بروز مقررہ تاریخ پیشی پر عدالت ہذا میں حاضر ہو کر جواب دعویٰ پیش کریں بصورت دیگر کاروائی یکطرفہ عمل میں لائی جائے گی۔ اعلان عام ہو کہ من مسمی ولد سکنہ تحصیل وضلع ایبٹ آباد کا ہوں میرا اصل شناختی کارڈ نمبر گم ہو گیا ہے جس کی تلاش بسیار کے باوجود نہیں مل سکا اگر کسی صاحب کو ملے تو براہ کرم ذیل پتہ پر پہنچا دیں۔ یہ کہ مذکو
53	اشتہار نمبر
اعلان عام ہو کہ من مسمی ولد سکنہ تحصیل وضلع ایبٹ آباد کا ہوں میرا اصل شناختی کارڈ نمبر گم ہو گیا ہے جس کی تلاش بسیار کے باوجود نہیں مل سکا اگر کسی صاحب کو ملے تو براہ کرم ذیل پتہ پر پہنچا دیں۔ یہ کہ مذکورہ مقدمہ میں فریقین کو اطلاع دی جاتی ہے کہ وہ بروز مقررہ تاریخ پیشی پر عدالت ہذا میں حاضر ہو کر جواب دعویٰ پیش کریں بصورت دیگر کاروائی یکطرفہ عمل میں لائی جائے گی۔ اعلان عام ہو کہ من مسمی ولد سکنہ تحصیل وضلع ایبٹ آباد کا ہوں میرا اصل شناختی کارڈ نمبر گم ہو گیا ہے جس کی تلاش بسیار کے باوجود نہیں مل سکا اگر کسی صاحب کو ملے تو براہ کرم ذیل پتہ پر پہنچا دیں۔ یہ کہ مذکو
54	اشتہار نمبر
اعلان عام ہو کہ من مسمی ولد سکنہ تحصیل وضلع ایبٹ آباد کا ہوں میرا اصل شناختی کارڈ نمبر گم ہو گیا ہے جس کی تلاش بسیار کے باوجود نہیں مل سکا اگر کسی صاحب کو ملے تو براہ کرم ذیل پتہ پر پہنچا دیں۔ یہ کہ مذکورہ مقدمہ میں فریقین کو اطلاع دی جاتی ہے کہ وہ بروز مقررہ تاریخ پیشی پر عدالت ہذا میں حاضر ہو کر جواب دعویٰ پیش کریں بصورت دیگر کاروائی یکطرفہ عمل میں لائی جائے گی۔ اعلان عام ہو کہ من مسمی ولد سکنہ تحصیل وضلع ایبٹ آباد کا ہوں میرا اصل شناختی کارڈ نمبر گم ہو گیا ہے جس کی تلاش بسیار کے باوجود نہیں مل سکا اگر کسی صاحب کو ملے تو براہ کرم ذیل پتہ پر پہنچا دیں۔ یہ کہ مذکو
55	اشتہار نمبر
اعلان عام ہو کہ من مسمی ولد سکنہ تحصیل وضلع ایبٹ آباد کا ہوں میرا اصل شناختی کارڈ نمبر گم ہو گیا ہے جس کی تلاش بسیار کے باوجود نہیں مل سکا اگر کسی صاحب کو ملے تو براہ کرم ذیل پتہ پر پہنچا دیں۔ یہ کہ مذکورہ مقدمہ میں فریقین کو اطلاع دی جاتی ہے کہ وہ بروز مقررہ تاریخ پیشی پر عدالت ہذا میں حاضر ہو کر جواب دعویٰ پیش کریں بصورت دیگر کاروائی یکطرفہ عمل میں لائی جائے گی۔ اعلان عام ہو کہ من مسمی ولد سکنہ تحصیل وضلع ایبٹ آباد کا ہوں میرا اصل شناختی کارڈ نمبر گم ہو گیا ہے جس کی تلاش بسیار کے باوجود نہیں مل سکا اگر کسی صاحب کو ملے تو براہ کرم ذیل پتہ پر پہنچا دیں۔ یہ کہ مذکو
56	اشتہار نمبر
اعلان عام ہو کہ من مسمی ولد سکنہ تحصیل وضلع ایبٹ آباد کا ہوں میرا اصل شناختی کارڈ نمبر گم ہو گیا ہے جس کی تلاش بسیار کے باوجود نہیں مل سکا اگر کسی صاحب کو ملے تو براہ کرم ذیل پتہ پر پہنچا دیں۔ یہ کہ مذکورہ مقدمہ میں فریقین کو اطلاع دی جاتی ہے کہ وہ بروز مقررہ تاریخ پیشی پر عدالت ہذا میں حاضر ہو کر جواب دعویٰ پیش کریں بصورت دیگر کاروائی یکطرفہ عمل میں لائی جائے گی۔ اعلان عام ہو کہ من مسمی ولد سکنہ تحصیل وضلع ایبٹ آباد کا ہوں میرا اصل شناختی کارڈ نمبر گم ہو گیا ہے جس کی تلاش بسیار کے باوجود نہیں مل سکا اگر کسی صاحب کو ملے تو براہ کرم ذیل پتہ پر پہنچا دیں۔ یہ کہ مذکو
57	اشتہار نمبر
اعلان عام ہو کہ من مسمی ولد سکنہ تحصیل وضلع ایبٹ آباد کا ہوں میرا اصل شناختی کارڈ نمبر گم ہو گیا ہے جس کی تلاش بسیار کے باوجود نہیں مل سکا اگر کسی صاحب کو ملے تو براہ کرم ذیل پتہ پر پہنچا دیں۔ یہ کہ مذکورہ مقدمہ میں فریقین کو اطلاع دی جاتی ہے کہ وہ بروز مقررہ تاریخ پیشی پر عدالت ہذا میں حاضر ہو کر جواب دعویٰ پیش کریں بصورت دیگر کاروائی یکطرفہ عمل میں لائی جائے گی۔ اعلان عام ہو کہ من مسمی ولد سکنہ تحصیل وضلع ایبٹ آباد کا ہوں میرا اصل شناختی کارڈ نمبر گم ہو گیا ہے جس کی تلاش بسیار کے باوجود نہیں مل سکا اگر کسی صاحب کو ملے تو براہ کرم ذیل پتہ پر پہنچا دیں۔ یہ کہ مذکو
58	اشتہار نمبر
اعلان عام ہو کہ من مسمی ولد سکنہ تحصیل وضلع ایبٹ آباد کا ہوں میرا اصل شناختی کارڈ نمبر گم ہو گیا ہے جس کی تلاش بسیار کے باوجود نہیں مل سکا اگر کسی صاحب کو ملے تو براہ کرم ذیل پتہ پر پہنچا دیں۔ یہ کہ مذکورہ مقدمہ میں فریقین کو اطلاع دی جاتی ہے کہ وہ بروز مقررہ تاریخ پیشی پر عدالت ہذا میں حاضر ہو کر جواب دعویٰ پیش کریں بصورت دیگر کاروائی یکطرفہ عمل میں لائی جائے گی۔ اعلان عام ہو کہ من مسمی ولد سکنہ تحصیل وضلع ایبٹ آباد کا ہوں میرا اصل شناختی کارڈ نمبر گم ہو گیا ہے جس کی تلاش بسیار کے باوجود نہیں مل سکا اگر کسی صاحب کو ملے تو براہ کرم ذیل پتہ پر پہنچا دیں۔ یہ کہ مذکو
59	اشتہار نمبر
اعلان عام ہو کہ من مسمی ولد سکنہ تحصیل وضلع ایبٹ آباد کا ہوں میرا اصل شناختی کارڈ نمبر گم ہو گیا ہے جس کی تلاش بسیار کے باوجود نہیں مل سکا اگر کسی صاحب کو ملے تو براہ کرم ذیل پتہ پر پہنچا دیں۔ یہ کہ مذکورہ مقدمہ میں فریقین کو اطلاع دی جاتی ہے کہ وہ بروز مقررہ تاریخ پیشی پر عدالت ہذا میں حاضر ہو کر جواب دعویٰ پیش کریں بصورت دیگر کاروائی یکطرفہ عمل میں لائی جائے گی۔ اعلان عام ہو کہ من مسمی ولد سکنہ تحصیل وضلع ایبٹ آباد کا ہوں میرا اصل شناختی کارڈ نمبر گم ہو گیا ہے جس کی تلاش بسیار کے باوجود نہیں مل سکا اگر کسی صاحب کو ملے تو براہ کرم ذیل پتہ پر پہنچا دیں۔ یہ کہ مذکو
60	اشتہار نمبر
اعلان عام ہو کہ من مسمی ولد سکنہ تحصیل وضلع ایبٹ آباد کا ہوں میرا اصل شناختی کارڈ نمبر گم ہو گیا ہے جس کی تلاش بسیار کے باوجود نہیں مل سکا اگر کسی صاحب کو ملے تو براہ کرم ذیل پتہ پر پہنچا دیں۔ یہ کہ مذکورہ مقدمہ میں فریقین کو اطلاع دی جاتی ہے کہ وہ بروز مقررہ تاریخ پیشی پر عدالت ہذا میں حاضر ہو کر جواب دعویٰ پیش کریں بصورت دیگر کاروائی یکطرفہ عمل میں لائی جائے گی۔ اعلان عام ہو کہ من مسمی ولد سکنہ تحصیل وضلع ایبٹ آباد کا ہوں میرا اصل شناختی کارڈ نمبر گم ہو گیا ہے جس کی تلاش بسیار کے باوجود نہیں مل سکا اگر کسی صاحب کو ملے تو براہ کرم ذیل پتہ پر پہنچا دیں۔ یہ کہ مذکو
اعلان لاتعلقی
اعلان عام ہو کہ من مسمی ولد سکنہ تحصیل وضلع ایبٹ آباد کا ہوں میرا اصل شناختی کارڈ نمبر گم ہو گیا ہے جس کی تلاش بسیار کے باوجود نہیں مل سکا اگر کسی صاحب کو ملے تو براہ کرم ذیل پتہ پر پہنچا دیں۔ یہ کہ مذکورہ مقدمہ میں فریقین کو اطلاع دی جاتی ہے کہ وہ بروز مقررہ تاریخ پیشی پر عدالت ہذا میں حاضر ہو کر جواب دعویٰ پیش کریں بصورت دیگر کاروائی یکطرفہ عمل میں لائی جائے گی۔ اعلان عام ہو کہ من مسمی ولد سکنہ تحصیل وضلع ایبٹ آباد کا ہوں میرا اصل شناختی کارڈ نمبر گم ہو گیا ہے جس کی تلاش بسیار کے باوجود نہیں مل سکا اگر کسی صاحب کو ملے تو برا
تلاش گمشدگی ڈسچارج بک آرمی
اعلان عام ہو کہ من مسمی ولد سکنہ تحصیل وضلع ایبٹ آباد کا ہوں میرا اصل شناختی کارڈ نمبر گم ہو گیا ہے جس کی تلاش بسیار کے باوجود نہیں مل سکا اگر کسی صاحب کو ملے تو براہ کرم ذیل پتہ پر پہنچا دیں۔ یہ کہ مذکورہ مقدمہ میں فریقین کو اطلاع دی جاتی ہے کہ وہ بروز مقررہ تاریخ پیشی پر عدالت ہذا میں حاضر ہو کر جواب دعویٰ پیش کریں بصورت دیگر کاروائی یکطر
موبائل نمبر: 03196032518
اطلاع عام
اعلان عام ہو کہ من مسمی ولد سکنہ تحصیل وضلع ایبٹ آباد کا ہوں میرا اصل شناختی کارڈ نمبر گم ہو گیا ہے جس کی تلاش بسیار کے باوجود نہیں مل سکا اگر کسی صاحب کو ملے تو براہ کرم ذیل پتہ پر پہنچا دیں۔ یہ کہ مذکورہ مقدمہ میں فریقین کو اطلاع دی جاتی ہے کہ وہ بروز مقررہ تاریخ پیشی پر عدالت ہذا میں حاضر ہو کر جواب دعویٰ پیش کریں بصورت دیگر کاروائی یکطر
اطلاع عام
اعلان عام ہو کہ من مسمی ولد سکنہ تحصیل وضلع ایبٹ آباد کا ہوں میرا اصل شناختی کارڈ نمبر گم ہو گیا ہے جس کی تلاش بسیار کے باوجود نہیں مل سکا اگر کسی صاحب کو ملے تو براہ کرم ذیل پتہ پر پہنچا دیں۔ یہ کہ مذکورہ مقدمہ میں فریقین کو اطلاع دی جاتی ہے کہ وہ بروز مقررہ تاریخ پیشی پر عدالت ہذا میں حاضر ہو کر جواب دعویٰ پیش کریں بصورت دیگر کاروائی یکطر
انتقال وراثت
اعلان عام ہو کہ من مسمی ولد سکنہ تحصیل وضلع ایبٹ آباد کا ہوں میرا اصل شناختی کارڈ نمبر گم ہو گیا ہے جس کی تلاش بسیار کے باوجود نہیں مل سکا اگر کسی صاحب کو ملے تو براہ کرم ذیل پتہ پر پہنچا دیں۔ یہ کہ مذکورہ مقدمہ میں فریقین کو اطلاع دی جاتی ہے کہ وہ بروز مقررہ تاریخ پیشی پر عدالت ہذا میں حاضر ہو کر جواب دعویٰ پیش کریں بصورت دیگر کاروائی یکطر
درستگی نام
اعلان عام ہو کہ من مسمی ولد سکنہ تحصیل وضلع ایبٹ آباد کا ہوں میرا اصل شناختی کارڈ نمبر گم ہو گیا ہے جس کی تلاش بسیار کے باوجود نہیں مل سکا اگر کسی صاحب کو ملے تو براہ کرم ذیل پتہ پر پہنچا دیں۔ یہ کہ مذکورہ مقدمہ میں فریقین کو اطلاع دی جاتی ہے کہ وہ بروز مقررہ تاریخ پیشی پر عدالت ہذا میں حاضر ہو کر جواب دعویٰ پیش کریں بصورت دیگر کاروائی یکطر
اطلاع عام
اعلان عام ہو کہ من مسمی ولد سکنہ تحصیل وضلع ایبٹ آباد کا ہوں میرا اصل شناختی کارڈ نمبر گم ہو گیا ہے جس کی تلاش بسیار کے باوجود نہیں مل سکا اگر کسی صاحب کو ملے تو براہ کرم ذیل پتہ پر پہنچا دیں۔ یہ کہ مذکورہ مقدمہ میں فریقین کو اطلاع دی جاتی ہے کہ وہ بروز مقررہ تاریخ پیشی پر عدالت ہذا میں حاضر ہو کر جواب دعویٰ پیش کریں بصورت دیگر کاروائی یکطر
اطلاع عام
اعلان عام ہو کہ من مسمی ولد سکنہ تحصیل وضلع ایبٹ آباد کا ہوں میرا اصل شناختی کارڈ نمبر گم ہو گیا ہے جس کی تلاش بسیار کے باوجود نہیں مل سکا اگر کسی صاحب کو ملے تو براہ کرم ذیل پتہ پر پہنچا دیں۔ یہ کہ مذکورہ مقدمہ میں فریقین کو اطلاع دی جاتی ہے کہ وہ بروز مقررہ تاریخ پیشی پر عدالت ہذا میں حاضر ہو کر جواب دعویٰ پیش کریں بصورت دیگر کاروائی یکطر
اطلاع عام
اعلان عام ہو کہ من مسمی ولد سکنہ تحصیل وضلع ایبٹ آباد کا ہوں میرا اصل شناختی کارڈ نمبر گم ہو گیا ہے جس کی تلاش بسیار کے باوجود نہیں مل سکا اگر کسی صاحب کو ملے تو براہ کرم ذیل پتہ پر پہنچا دیں۔ یہ کہ مذکورہ مقدمہ میں فریقین کو اطلاع دی جاتی ہے کہ وہ بروز مقررہ تاریخ پیشی پر عدالت ہذا میں حاضر ہو کر جواب دعویٰ پیش کریں بصورت دیگر کاروائی یکطر
انتقال وراثت
اعلان عام ہو کہ من مسمی ولد سکنہ تحصیل وضلع ایبٹ آباد کا ہوں میرا اصل شناختی کارڈ نمبر گم ہو گیا ہے جس کی تلاش بسیار کے باوجود نہیں مل سکا اگر کسی صاحب کو ملے تو براہ کرم ذیل پتہ پر پہنچا دیں۔ یہ کہ مذکورہ مقدمہ میں فریقین کو اطلاع دی جاتی ہے کہ وہ بروز مقررہ تاریخ پیشی پر عدالت ہذا میں حاضر ہو کر جواب دعویٰ پیش کریں بصورت دیگر کاروائی یکطر
تلاش گمشدہ
اعلان عام ہو کہ من مسمی ولد سکنہ تحصیل وضلع ایبٹ آباد کا ہوں میرا اصل شناختی کارڈ نمبر گم ہو گیا ہے جس کی تلاش بسیار کے باوجود نہیں مل سکا اگر کسی صاحب کو ملے تو براہ کرم ذیل پتہ پر پہنچا دیں۔ یہ کہ مذکورہ مقدمہ میں فریقین کو اطلاع دی جاتی ہے کہ وہ بروز مقررہ تاریخ پیشی پر عدالت ہذا میں حاضر ہو کر جواب دعویٰ پیش کریں بصورت دیگر کاروائی یکطر
61	اشتہار نمبر
اعلان عام ہو کہ من مسمی ولد سکنہ تحصیل وضلع ایبٹ آباد کا ہوں میرا اصل شناختی کارڈ نمبر گم ہو گیا ہے جس کی تلاش بسی
62	اشتہار نمبر
اعلان عام ہو کہ من مسمی ولد سکنہ تحصیل وضلع ایبٹ آباد کا ہوں میرا اصل شناختی کارڈ نمبر گم ہو گیا ہے جس کی تلاش بسی
63	اشتہار نمبر
اعلان عام ہو کہ من مسمی ولد سکنہ تحصیل وضلع ایبٹ آباد کا ہوں میرا اصل شناختی کارڈ نمبر گم ہو گیا ہے جس کی تلاش بسی
64	اشتہار نمبر
اعلان عام ہو کہ من مسمی ولد سکنہ تحصیل وضلع ایبٹ آباد کا ہوں میرا اصل شناختی کارڈ نمبر گم ہو گیا ہے جس کی تلاش بسی
